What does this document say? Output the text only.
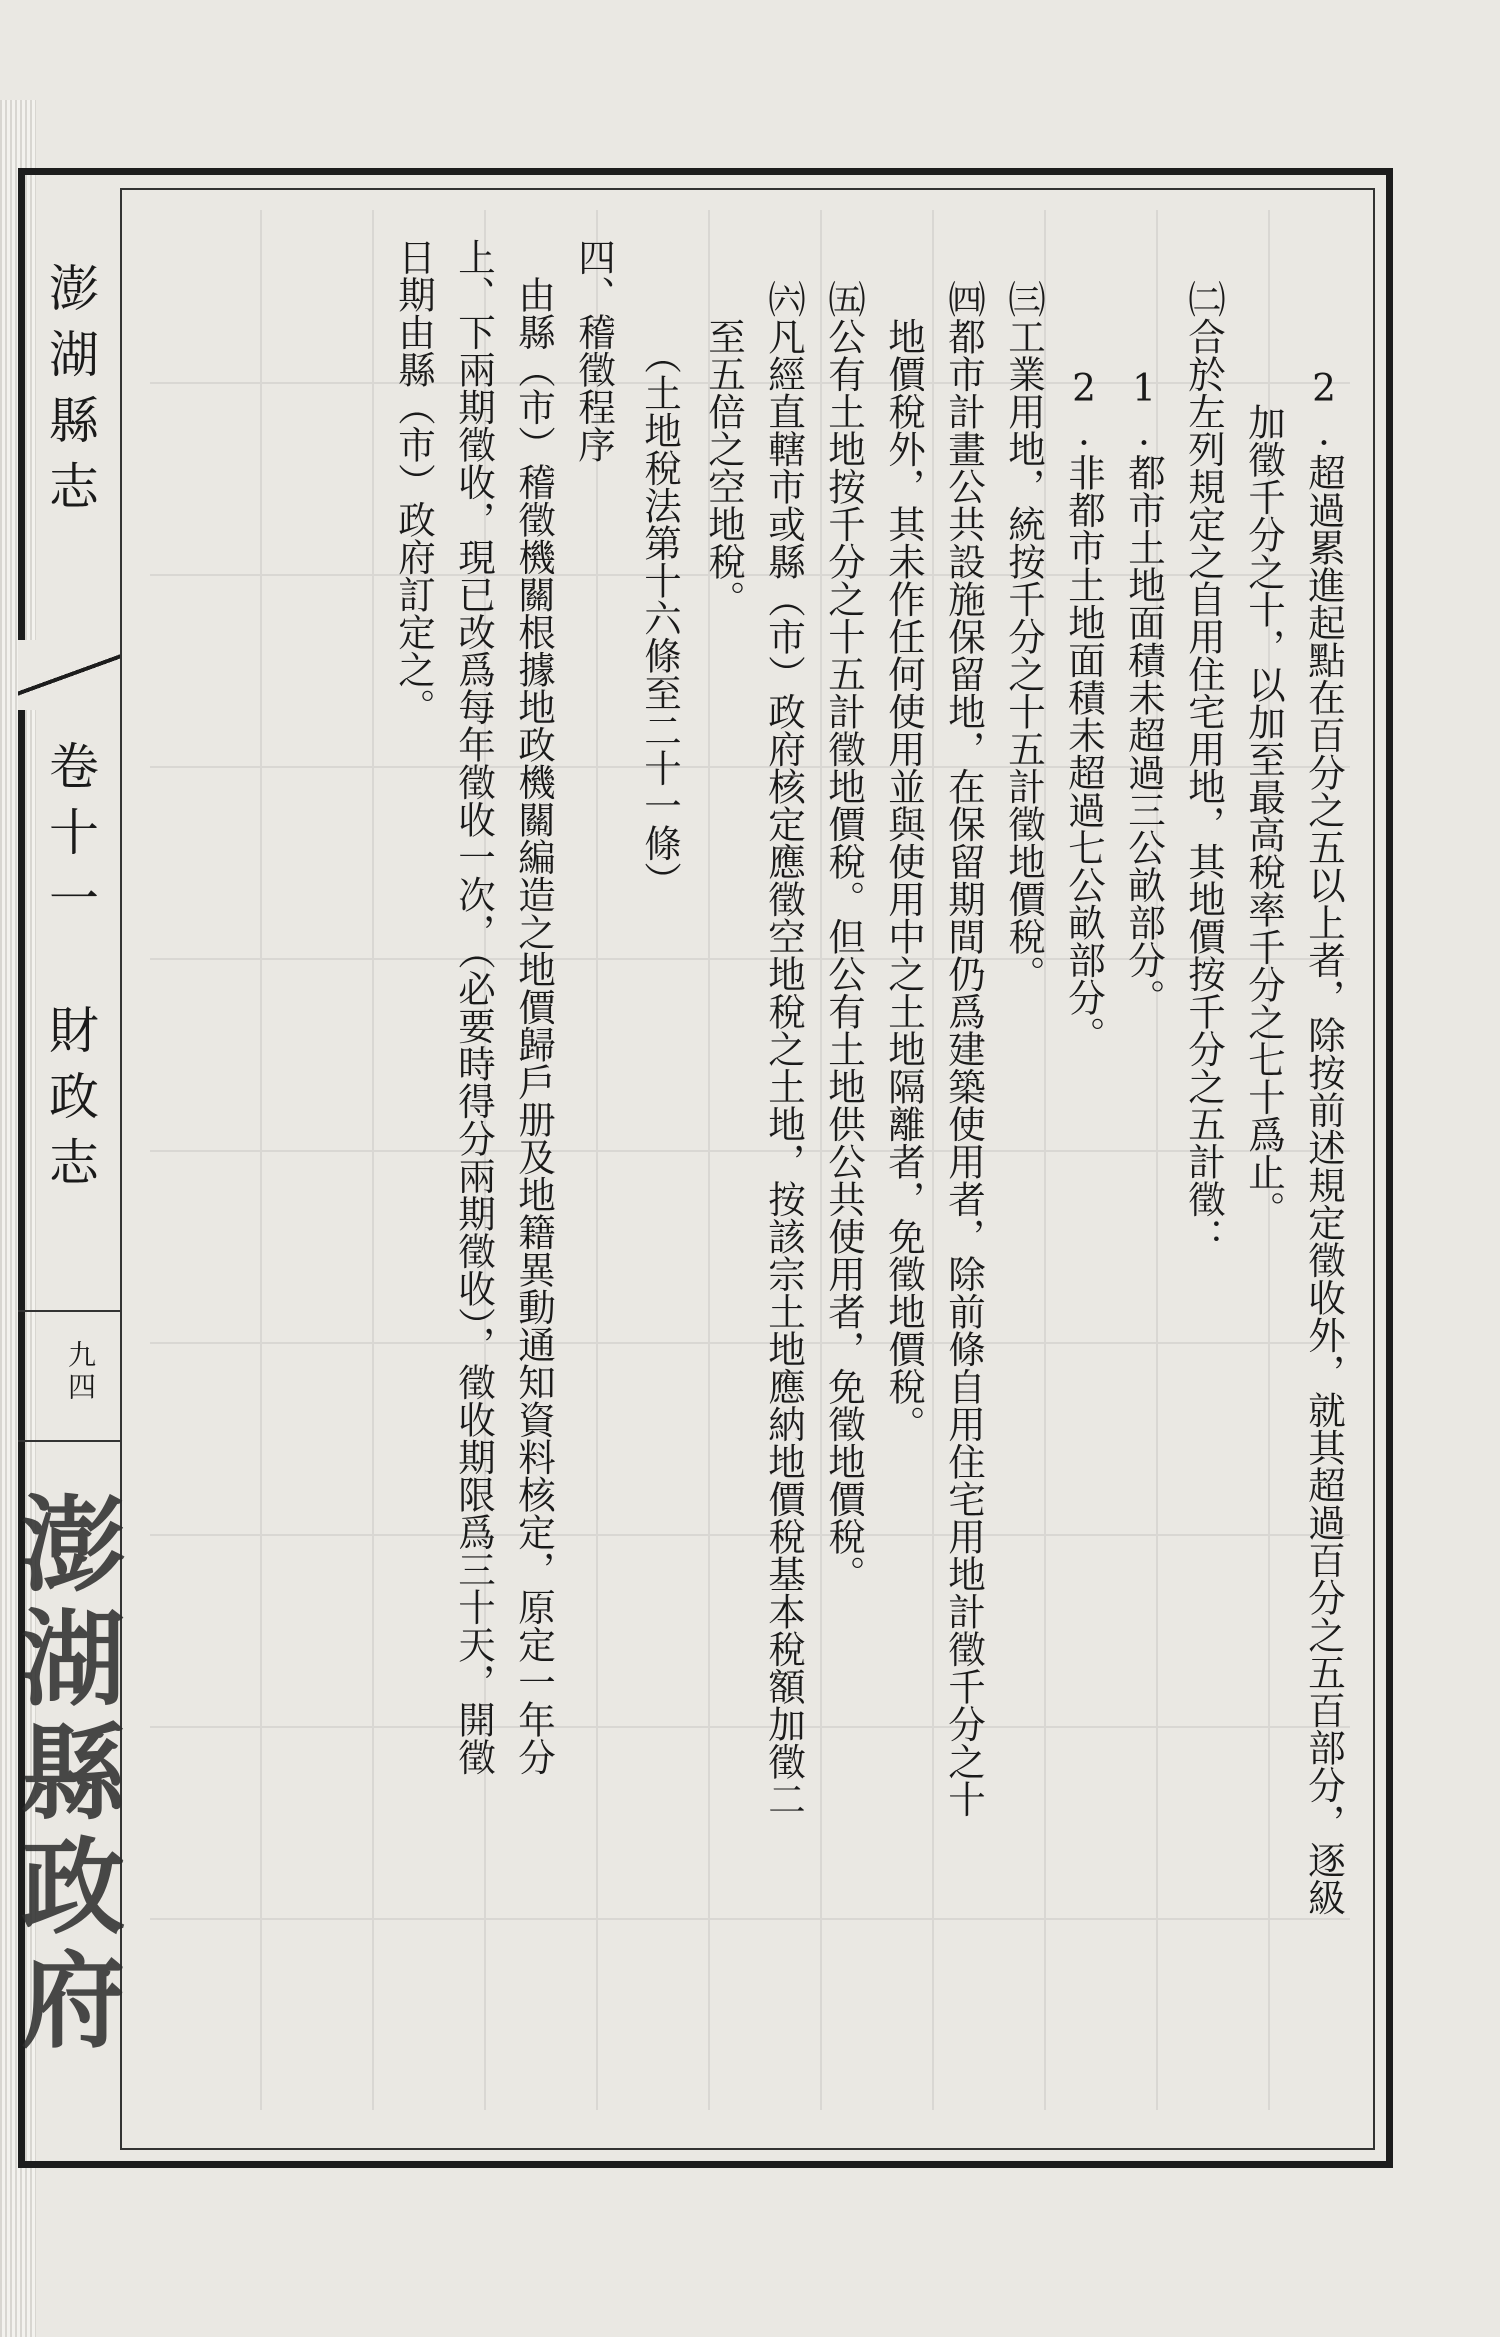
澎湖縣志
卷十一　財政志
九四
澎湖縣政府	　2.超過累進起點在百分之五以上者，除按前述規定徵收外，就其超過百分之五百部分，逐級

　　加徵千分之十，以加至最高稅率千分之七十爲止。

㈡合於左列規定之自用住宅用地，其地價按千分之五計徵：

　1.都市土地面積未超過三公畝部分。

　2.非都市土地面積未超過七公畝部分。

㈢工業用地，統按千分之十五計徵地價稅。

㈣都市計畫公共設施保留地，在保留期間仍爲建築使用者，除前條自用住宅用地計徵千分之十

　地價稅外，其未作任何使用並與使用中之土地隔離者，免徵地價稅。

㈤公有土地按千分之十五計徵地價稅。但公有土地供公共使用者，免徵地價稅。

㈥凡經直轄市或縣（市）政府核定應徵空地稅之土地，按該宗土地應納地價稅基本稅額加徵二

　至五倍之空地稅。

　　（土地稅法第十六條至二十一條）

四、稽徵程序

　由縣（市）稽徵機關根據地政機關編造之地價歸戶册及地籍異動通知資料核定，原定一年分

上、下兩期徵收，現已改爲每年徵收一次，（必要時得分兩期徵收），徵收期限爲三十天，開徵

日期由縣（市）政府訂定之。
